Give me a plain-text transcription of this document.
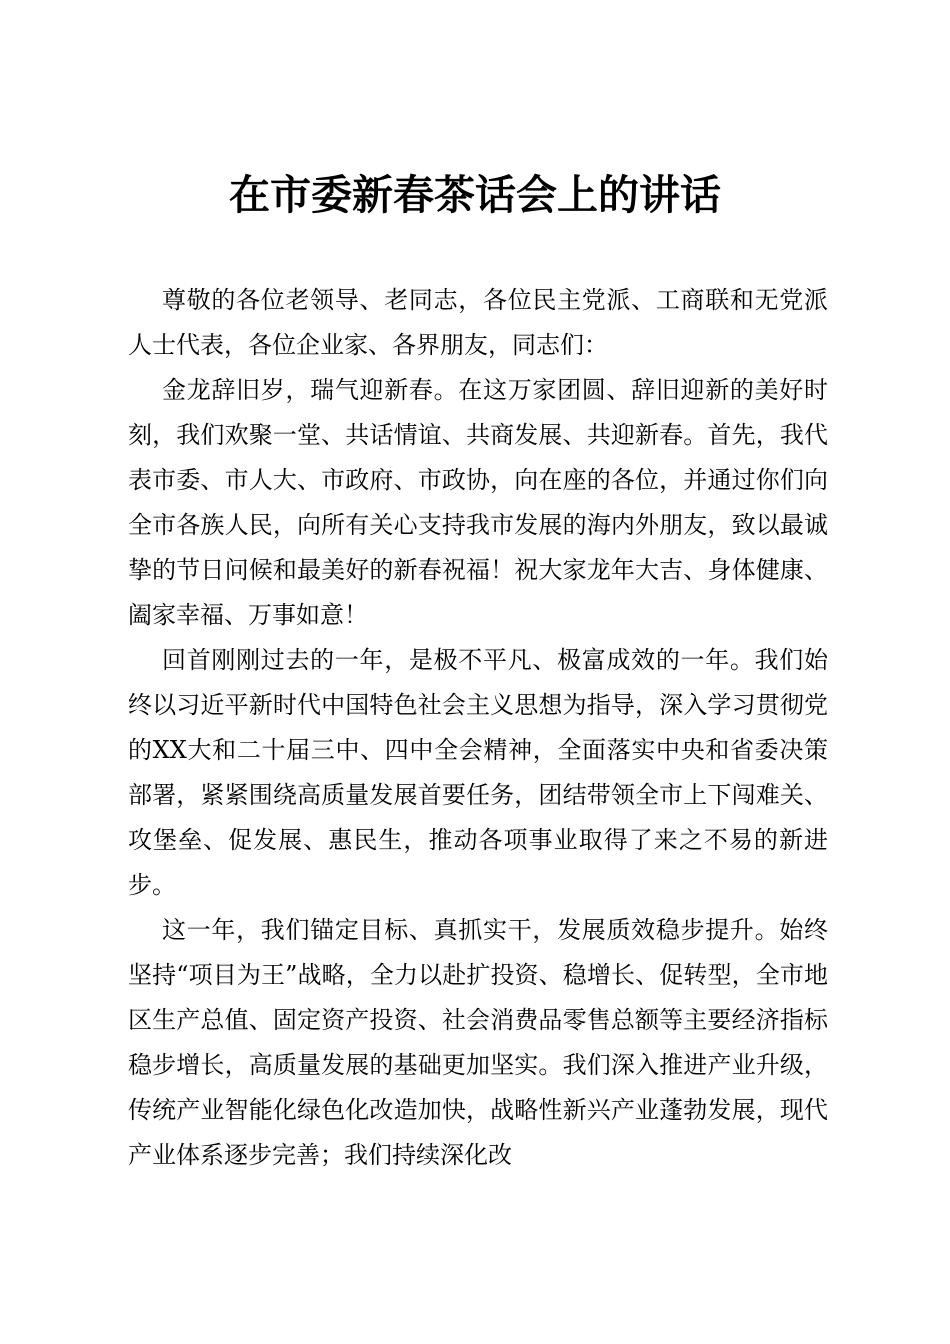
在市委新春茶话会上的讲话

尊敬的各位老领导、老同志，各位民主党派、工商联和无党派人士代表，各位企业家、各界朋友，同志们：

金龙辞旧岁，瑞气迎新春。在这万家团圆、辞旧迎新的美好时刻，我们欢聚一堂、共话情谊、共商发展、共迎新春。首先，我代表市委、市人大、市政府、市政协，向在座的各位，并通过你们向全市各族人民，向所有关心支持我市发展的海内外朋友，致以最诚挚的节日问候和最美好的新春祝福！祝大家龙年大吉、身体健康、阖家幸福、万事如意！

回首刚刚过去的一年，是极不平凡、极富成效的一年。我们始终以习近平新时代中国特色社会主义思想为指导，深入学习贯彻党的XX大和二十届三中、四中全会精神，全面落实中央和省委决策部署，紧紧围绕高质量发展首要任务，团结带领全市上下闯难关、攻堡垒、促发展、惠民生，推动各项事业取得了来之不易的新进步。

这一年，我们锚定目标、真抓实干，发展质效稳步提升。始终坚持“项目为王”战略，全力以赴扩投资、稳增长、促转型，全市地区生产总值、固定资产投资、社会消费品零售总额等主要经济指标稳步增长，高质量发展的基础更加坚实。我们深入推进产业升级，传统产业智能化绿色化改造加快，战略性新兴产业蓬勃发展，现代产业体系逐步完善；我们持续深化改
